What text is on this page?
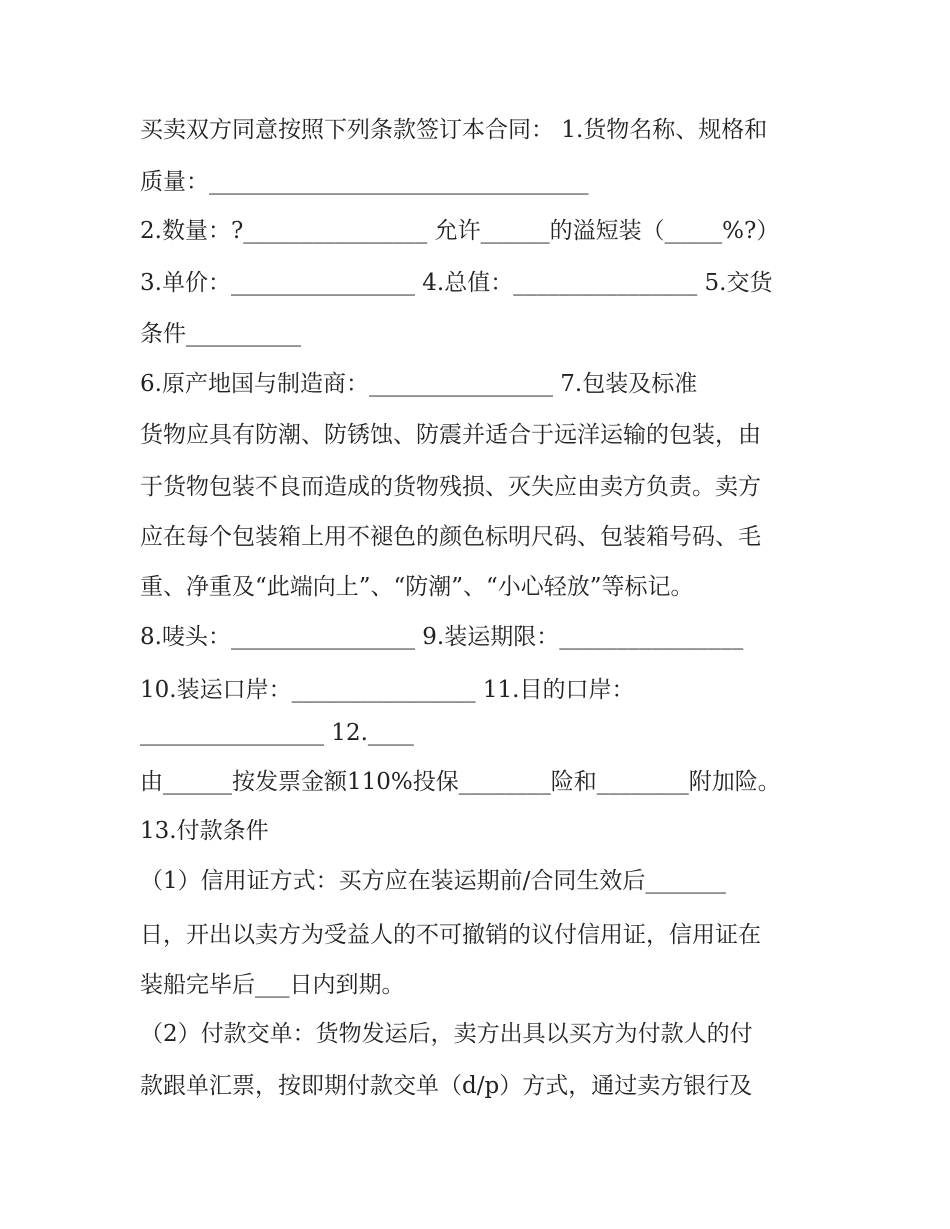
买卖双方同意按照下列条款签订本合同： 1.货物名称、规格和
质量：_________________________________
2.数量：?________________ 允许______的溢短装（_____%?）
3.单价：________________ 4.总值：________________ 5.交货
条件__________
6.原产地国与制造商：________________ 7.包装及标准
货物应具有防潮、防锈蚀、防震并适合于远洋运输的包装，由
于货物包装不良而造成的货物残损、灭失应由卖方负责。卖方
应在每个包装箱上用不褪色的颜色标明尺码、包装箱号码、毛
重、净重及“此端向上”、“防潮”、“小心轻放”等标记。
8.唛头：________________ 9.装运期限：________________
10.装运口岸：________________ 11.目的口岸：
________________ 12.____
由______按发票金额110%投保________险和________附加险。
13.付款条件
（1）信用证方式：买方应在装运期前/合同生效后_______
日，开出以卖方为受益人的不可撤销的议付信用证，信用证在
装船完毕后___日内到期。
（2）付款交单：货物发运后，卖方出具以买方为付款人的付
款跟单汇票，按即期付款交单（d/p）方式，通过卖方银行及
